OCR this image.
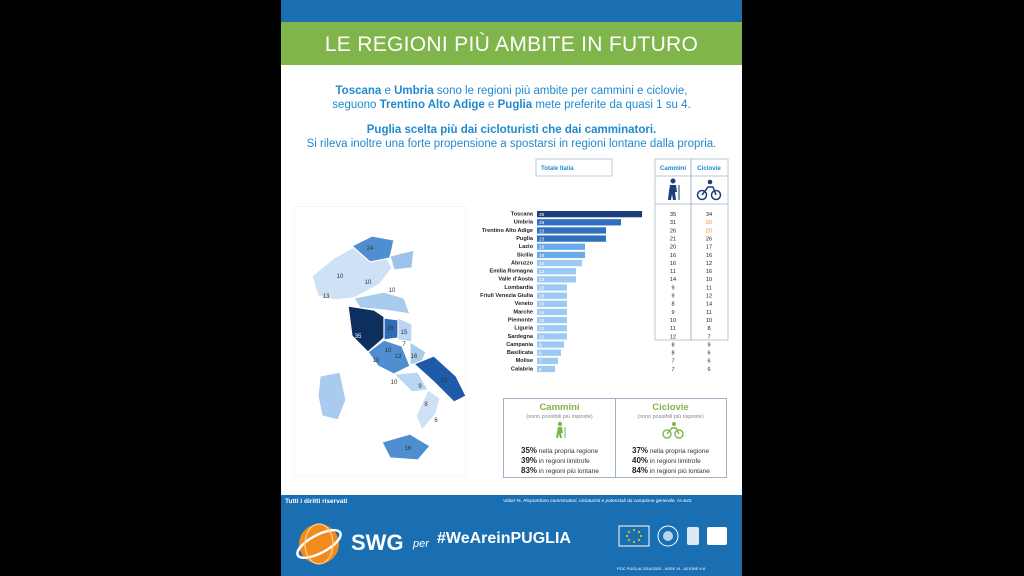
LE REGIONI PIÙ AMBITE IN FUTURO
Toscana e Umbria sono le regioni più ambite per cammini e ciclovie,
seguono Trentino Alto Adige e Puglia mete preferite da quasi 1 su 4.
Puglia scelta più dai cicloturisti che dai camminatori.
Si rileva inoltre una forte propensione a spostarsi in regioni lontane dalla propria.
Totale Italia	Cammini Ciclovie
Toscana 35	35	34
Umbria 28	31	20
Trentino Alto Adige 23	26	20
Puglia 23	21	26
Lazio 16	20	17
Sicilia 16	16	16
Abruzzo 15	16	12
Emilia Romagna 13	11	16
Valle d'Aosta 13	14	10
Lombardia 10	9	11
Friuli Venezia Giulia 10	9	12
Veneto 10	8	14
Marche 10	9	11
Piemonte 10	10	10
Liguria 10	11	8
Sardegna 10	12	7
Campania 9	8	9
Basilicata 8	8	6
Molise 7	7	6
Calabria 6	7	6
24
13
10
10
10
35
28
15
16
13
7
10
10
10
9
8
23
6
16
Cammini
(sono possibili più risposte)
Ciclovie
(sono possibili più risposte)
35% nella propria regione
39% in regioni limitrofe
83% in regioni più lontane
37% nella propria regione
40% in regioni limitrofe
84% in regioni più lontane
Tutti i diritti riservati	Valori %. Rispondono camminatori, cicloturisti e potenziali da campione generale. N=643
SWG per #WeAreinPUGLIA
POC PUGLIA 2014/2020 - ASSE VI - AZIONE 6.8
